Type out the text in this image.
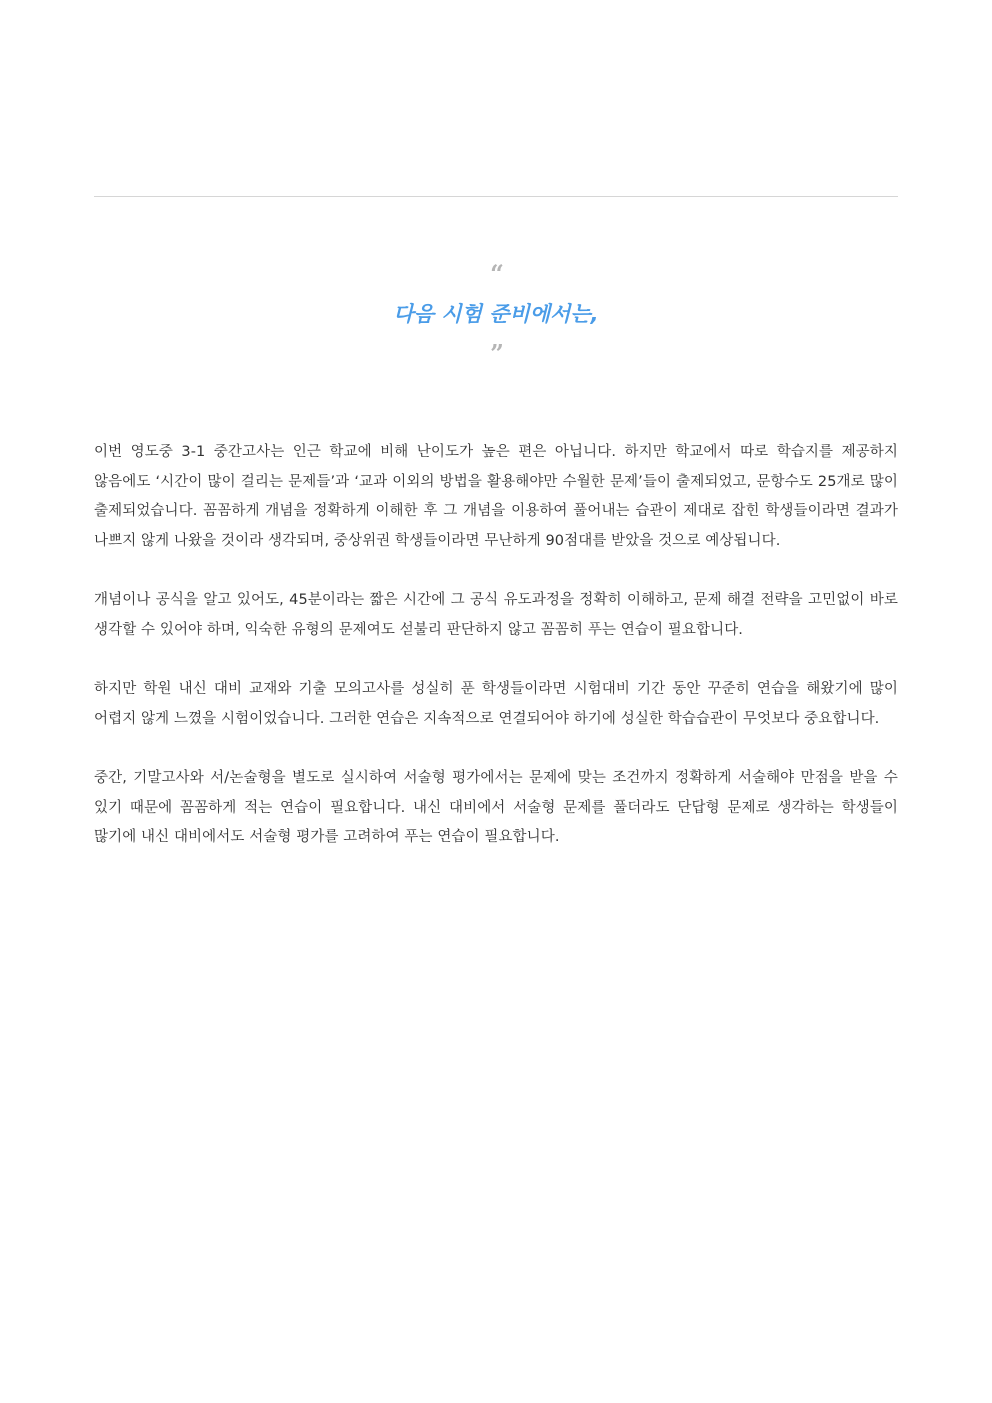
“
다음 시험 준비에서는,
”

이번 영도중 3-1 중간고사는 인근 학교에 비해 난이도가 높은 편은 아닙니다. 하지만 학교에서 따로 학습지를 제공하지 않음에도 ‘시간이 많이 걸리는 문제들’과 ‘교과 이외의 방법을 활용해야만 수월한 문제’들이 출제되었고, 문항수도 25개로 많이 출제되었습니다. 꼼꼼하게 개념을 정확하게 이해한 후 그 개념을 이용하여 풀어내는 습관이 제대로 잡힌 학생들이라면 결과가 나쁘지 않게 나왔을 것이라 생각되며, 중상위권 학생들이라면 무난하게 90점대를 받았을 것으로 예상됩니다.

개념이나 공식을 알고 있어도, 45분이라는 짧은 시간에 그 공식 유도과정을 정확히 이해하고, 문제 해결 전략을 고민없이 바로 생각할 수 있어야 하며, 익숙한 유형의 문제여도 섣불리 판단하지 않고 꼼꼼히 푸는 연습이 필요합니다.

하지만 학원 내신 대비 교재와 기출 모의고사를 성실히 푼 학생들이라면 시험대비 기간 동안 꾸준히 연습을 해왔기에 많이 어렵지 않게 느꼈을 시험이었습니다. 그러한 연습은 지속적으로 연결되어야 하기에 성실한 학습습관이 무엇보다 중요합니다.

중간, 기말고사와 서/논술형을 별도로 실시하여 서술형 평가에서는 문제에 맞는 조건까지 정확하게 서술해야 만점을 받을 수 있기 때문에 꼼꼼하게 적는 연습이 필요합니다. 내신 대비에서 서술형 문제를 풀더라도 단답형 문제로 생각하는 학생들이 많기에 내신 대비에서도 서술형 평가를 고려하여 푸는 연습이 필요합니다.
